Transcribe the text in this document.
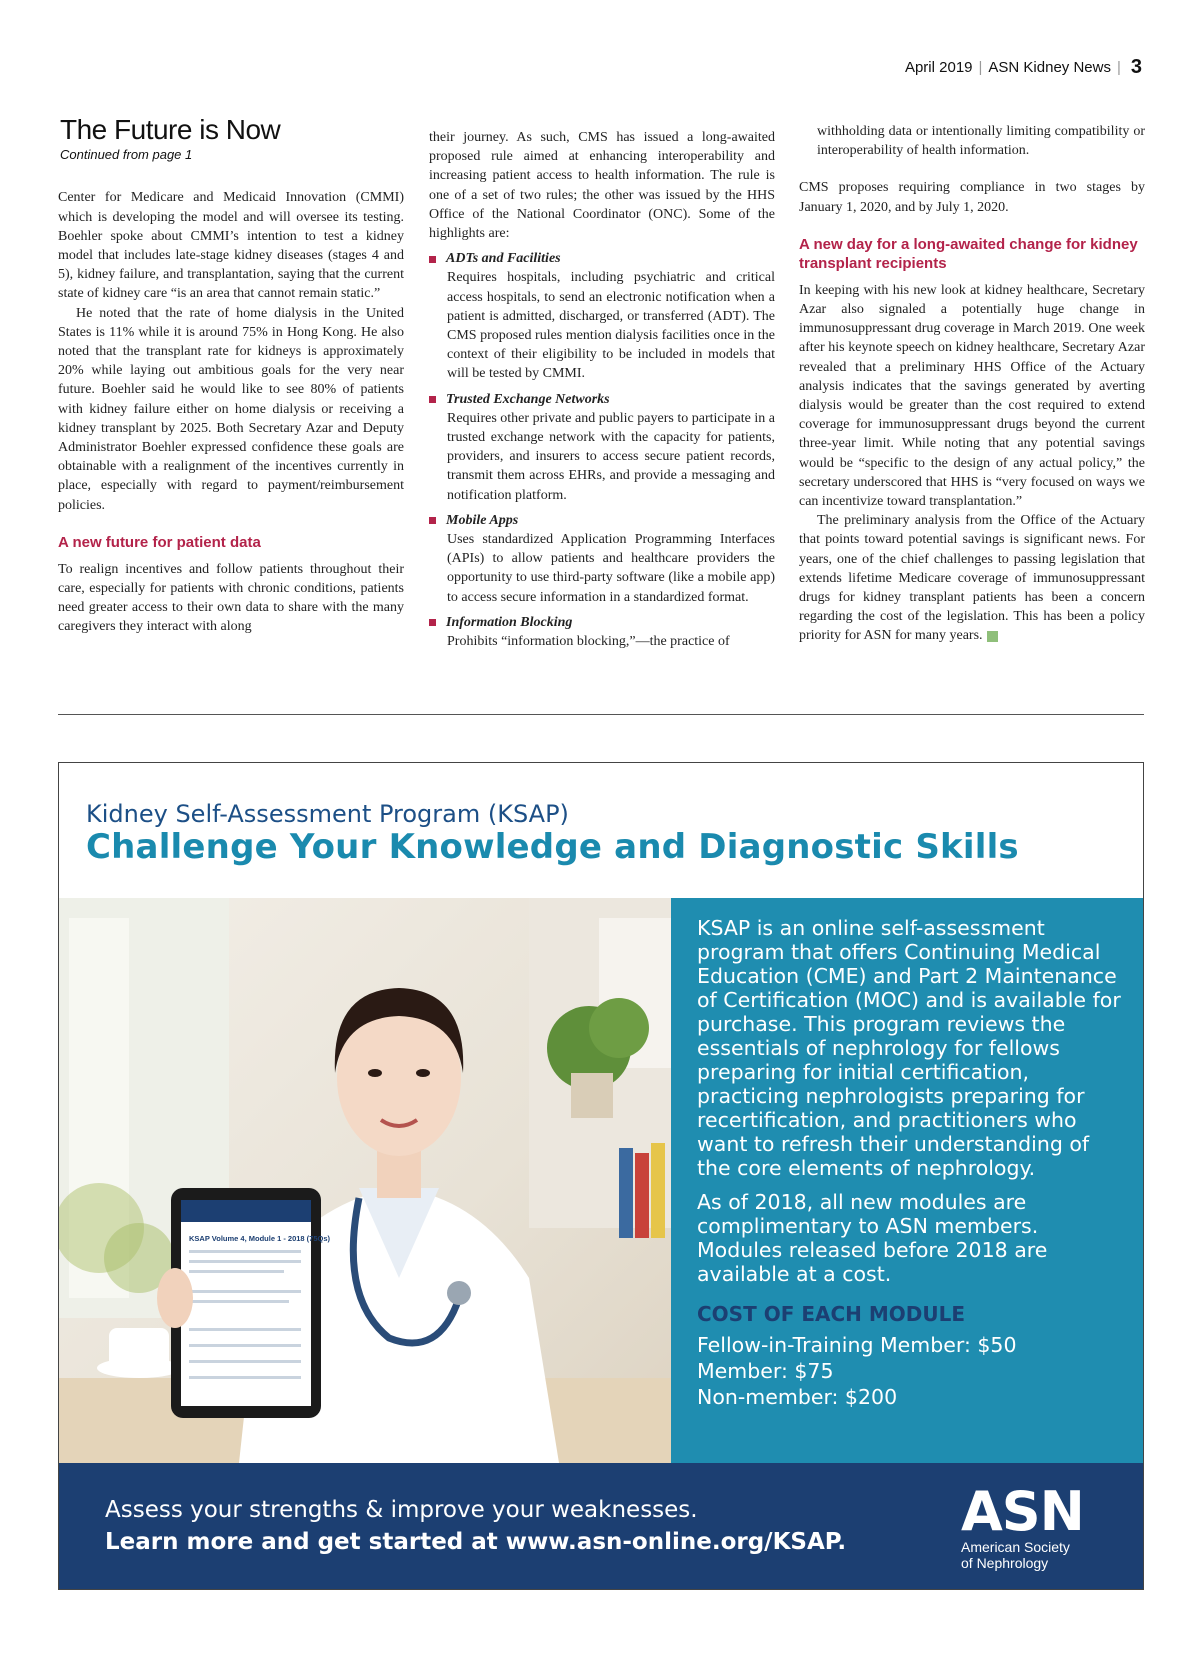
April 2019 | ASN Kidney News | 3
The Future is Now
Continued from page 1

Center for Medicare and Medicaid Innovation (CMMI) which is developing the model and will oversee its testing. Boehler spoke about CMMI’s intention to test a kidney model that includes late-stage kidney diseases (stages 4 and 5), kidney failure, and transplantation, saying that the current state of kidney care “is an area that cannot remain static.”

He noted that the rate of home dialysis in the United States is 11% while it is around 75% in Hong Kong. He also noted that the transplant rate for kidneys is approximately 20% while laying out ambitious goals for the very near future. Boehler said he would like to see 80% of patients with kidney failure either on home dialysis or receiving a kidney transplant by 2025. Both Secretary Azar and Deputy Administrator Boehler expressed confidence these goals are obtainable with a realignment of the incentives currently in place, especially with regard to payment/reimbursement policies.

A new future for patient data

To realign incentives and follow patients throughout their care, especially for patients with chronic conditions, patients need greater access to their own data to share with the many caregivers they interact with along

their journey. As such, CMS has issued a long-awaited proposed rule aimed at enhancing interoperability and increasing patient access to health information. The rule is one of a set of two rules; the other was issued by the HHS Office of the National Coordinator (ONC). Some of the highlights are:

ADTs and Facilities

Requires hospitals, including psychiatric and critical access hospitals, to send an electronic notification when a patient is admitted, discharged, or transferred (ADT). The CMS proposed rules mention dialysis facilities once in the context of their eligibility to be included in models that will be tested by CMMI.

Trusted Exchange Networks

Requires other private and public payers to participate in a trusted exchange network with the capacity for patients, providers, and insurers to access secure patient records, transmit them across EHRs, and provide a messaging and notification platform.

Mobile Apps

Uses standardized Application Programming Interfaces (APIs) to allow patients and healthcare providers the opportunity to use third-party software (like a mobile app) to access secure information in a standardized format.

Information Blocking

Prohibits “information blocking,”—the practice of

withholding data or intentionally limiting compatibility or interoperability of health information.

CMS proposes requiring compliance in two stages by January 1, 2020, and by July 1, 2020.

A new day for a long-awaited change for kidney transplant recipients

In keeping with his new look at kidney healthcare, Secretary Azar also signaled a potentially huge change in immunosuppressant drug coverage in March 2019. One week after his keynote speech on kidney healthcare, Secretary Azar revealed that a preliminary HHS Office of the Actuary analysis indicates that the savings generated by averting dialysis would be greater than the cost required to extend coverage for immunosuppressant drugs beyond the current three-year limit. While noting that any potential savings would be “specific to the design of any actual policy,” the secretary underscored that HHS is “very focused on ways we can incentivize toward transplantation.”

The preliminary analysis from the Office of the Actuary that points toward potential savings is significant news. For years, one of the chief challenges to passing legislation that extends lifetime Medicare coverage of immunosuppressant drugs for kidney transplant patients has been a concern regarding the cost of the legislation. This has been a policy priority for ASN for many years.

Kidney Self-Assessment Program (KSAP)
Challenge Your Knowledge and Diagnostic Skills
KSAP Volume 4, Module 1 - 2018 (75Qs)

KSAP is an online self-assessment program that offers Continuing Medical Education (CME) and Part 2 Maintenance of Certification (MOC) and is available for purchase. This program reviews the essentials of nephrology for fellows preparing for initial certification, practicing nephrologists preparing for recertification, and practitioners who want to refresh their understanding of the core elements of nephrology.

As of 2018, all new modules are complimentary to ASN members. Modules released before 2018 are available at a cost.

COST OF EACH MODULE

Fellow-in-Training Member: $50

Member: $75

Non-member: $200

Assess your strengths & improve your weaknesses.
Learn more and get started at www.asn-online.org/KSAP. ASN
American Society
of Nephrology
